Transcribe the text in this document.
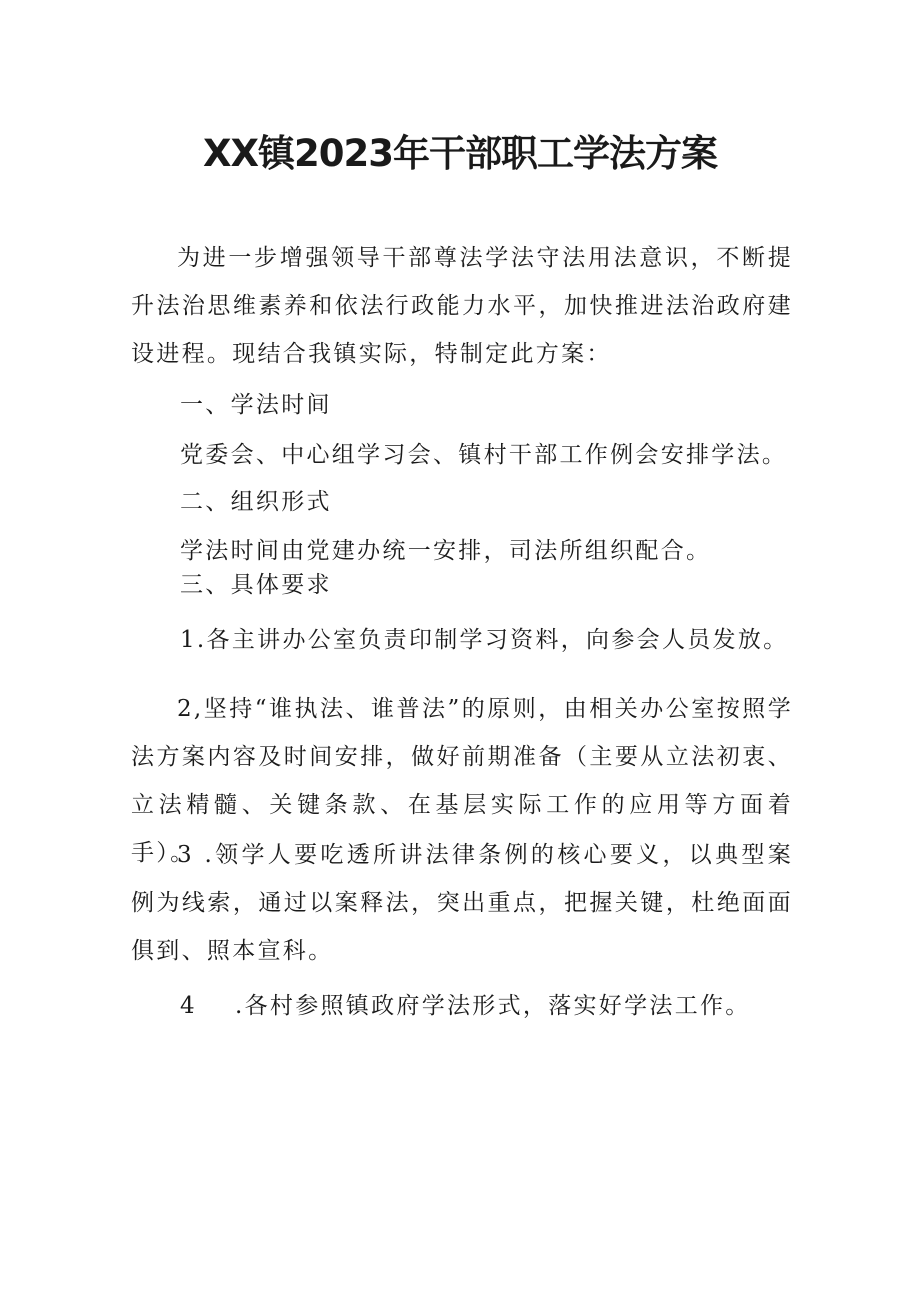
XX镇2023年干部职工学法方案

为进一步增强领导干部尊法学法守法用法意识，不断提升法治思维素养和依法行政能力水平，加快推进法治政府建设进程。现结合我镇实际，特制定此方案：

一、学法时间

党委会、中心组学习会、镇村干部工作例会安排学法。

二、组织形式

学法时间由党建办统一安排，司法所组织配合。

三、具体要求

1.各主讲办公室负责印制学习资料，向参会人员发放。

2,坚持“谁执法、谁普法”的原则，由相关办公室按照学法方案内容及时间安排，做好前期准备（主要从立法初衷、立法精髓、关键条款、在基层实际工作的应用等方面着手）。

3 .领学人要吃透所讲法律条例的核心要义，以典型案例为线索，通过以案释法，突出重点，把握关键，杜绝面面俱到、照本宣科。

4 .各村参照镇政府学法形式，落实好学法工作。
